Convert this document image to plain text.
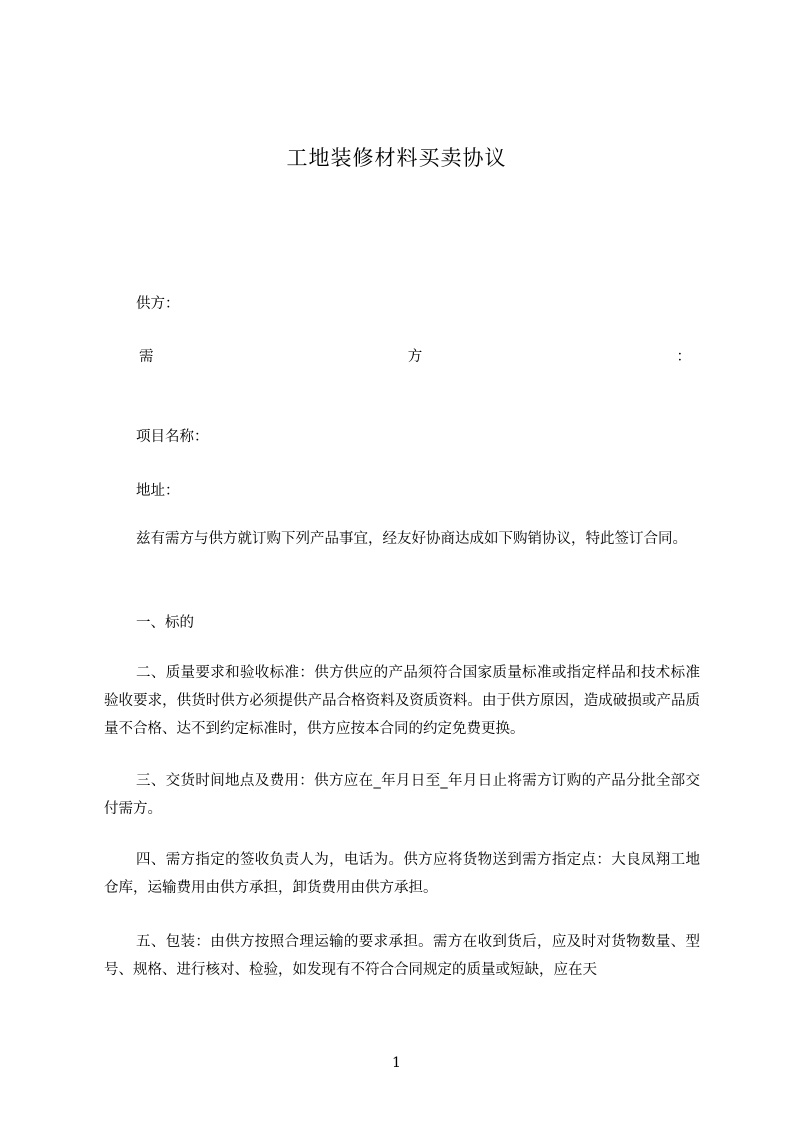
工地装修材料买卖协议
供方：
需	方	：
项目名称：
地址：
兹有需方与供方就订购下列产品事宜，经友好协商达成如下购销协议，特此签订合同。
一、标的
二、质量要求和验收标准：供方供应的产品须符合国家质量标准或指定样品和技术标准验收要求，供货时供方必须提供产品合格资料及资质资料。由于供方原因，造成破损或产品质量不合格、达不到约定标准时，供方应按本合同的约定免费更换。
三、交货时间地点及费用：供方应在_年月日至_年月日止将需方订购的产品分批全部交付需方。
四、需方指定的签收负责人为，电话为。供方应将货物送到需方指定点：大良凤翔工地仓库，运输费用由供方承担，卸货费用由供方承担。
五、包装：由供方按照合理运输的要求承担。需方在收到货后，应及时对货物数量、型号、规格、进行核对、检验，如发现有不符合合同规定的质量或短缺，应在天
1
